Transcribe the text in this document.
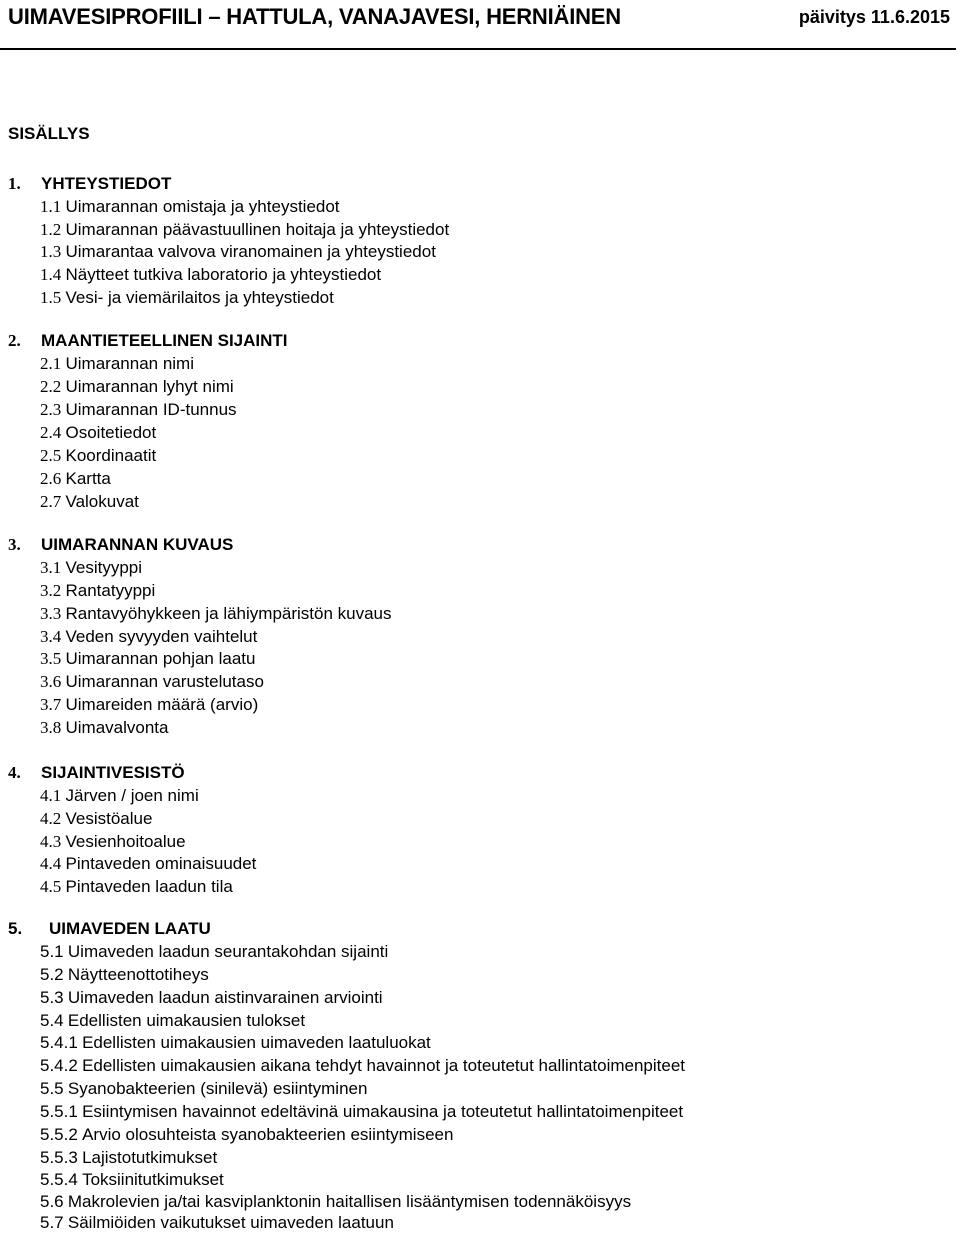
UIMAVESIPROFIILI – HATTULA, VANAJAVESI, HERNIÄINEN	päivitys 11.6.2015
SISÄLLYS
1. YHTEYSTIEDOT
1.1 Uimarannan omistaja ja yhteystiedot
1.2 Uimarannan päävastuullinen hoitaja ja yhteystiedot
1.3 Uimarantaa valvova viranomainen ja yhteystiedot
1.4 Näytteet tutkiva laboratorio ja yhteystiedot
1.5 Vesi- ja viemärilaitos ja yhteystiedot
2. MAANTIETEELLINEN SIJAINTI
2.1 Uimarannan nimi
2.2 Uimarannan lyhyt nimi
2.3 Uimarannan ID-tunnus
2.4 Osoitetiedot
2.5 Koordinaatit
2.6 Kartta
2.7 Valokuvat
3. UIMARANNAN KUVAUS
3.1 Vesityyppi
3.2 Rantatyyppi
3.3 Rantavyöhykkeen ja lähiympäristön kuvaus
3.4 Veden syvyyden vaihtelut
3.5 Uimarannan pohjan laatu
3.6 Uimarannan varustelutaso
3.7 Uimareiden määrä (arvio)
3.8 Uimavalvonta
4. SIJAINTIVESISTÖ
4.1 Järven / joen nimi
4.2 Vesistöalue
4.3 Vesienhoitoalue
4.4 Pintaveden ominaisuudet
4.5 Pintaveden laadun tila
5. UIMAVEDEN LAATU
5.1 Uimaveden laadun seurantakohdan sijainti
5.2 Näytteenottotiheys
5.3 Uimaveden laadun aistinvarainen arviointi
5.4 Edellisten uimakausien tulokset
5.4.1 Edellisten uimakausien uimaveden laatuluokat
5.4.2 Edellisten uimakausien aikana tehdyt havainnot ja toteutetut hallintatoimenpiteet
5.5 Syanobakteerien (sinilevä) esiintyminen
5.5.1 Esiintymisen havainnot edeltävinä uimakausina ja toteutetut hallintatoimenpiteet
5.5.2 Arvio olosuhteista syanobakteerien esiintymiseen
5.5.3 Lajistotutkimukset
5.5.4 Toksiinitutkimukset
5.6 Makrolevien ja/tai kasviplanktonin haitallisen lisääntymisen todennäköisyys
5.7 Säilmiöiden vaikutukset uimaveden laatuun
